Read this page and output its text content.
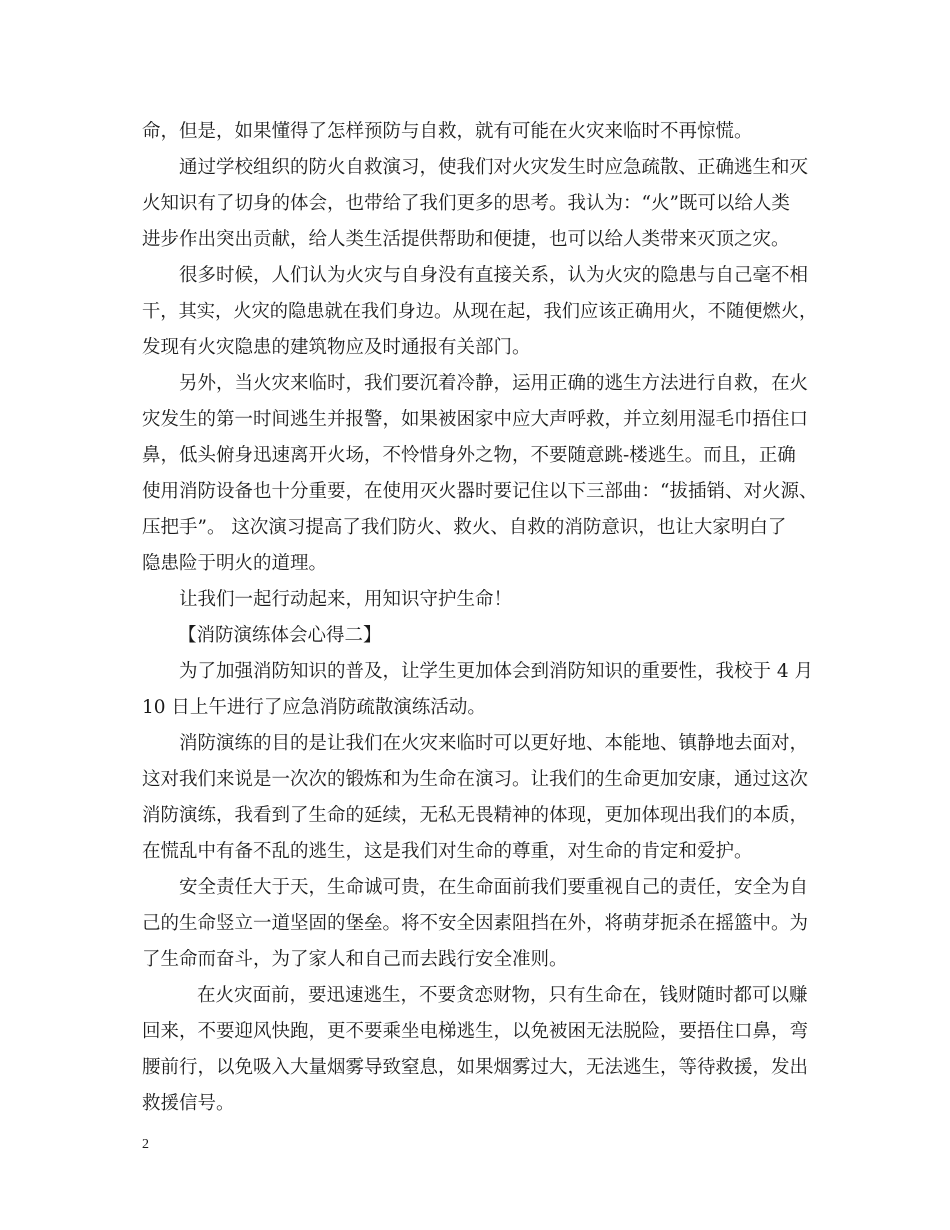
命，但是，如果懂得了怎样预防与自救，就有可能在火灾来临时不再惊慌。
通过学校组织的防火自救演习，使我们对火灾发生时应急疏散、正确逃生和灭
火知识有了切身的体会，也带给了我们更多的思考。我认为：“火”既可以给人类
进步作出突出贡献，给人类生活提供帮助和便捷，也可以给人类带来灭顶之灾。
很多时候，人们认为火灾与自身没有直接关系，认为火灾的隐患与自己毫不相
干，其实，火灾的隐患就在我们身边。从现在起，我们应该正确用火，不随便燃火，
发现有火灾隐患的建筑物应及时通报有关部门。
另外，当火灾来临时，我们要沉着冷静，运用正确的逃生方法进行自救，在火
灾发生的第一时间逃生并报警，如果被困家中应大声呼救，并立刻用湿毛巾捂住口
鼻，低头俯身迅速离开火场，不怜惜身外之物，不要随意跳-楼逃生。而且，正确
使用消防设备也十分重要，在使用灭火器时要记住以下三部曲：“拔插销、对火源、
压把手”。 这次演习提高了我们防火、救火、自救的消防意识，也让大家明白了
隐患险于明火的道理。
让我们一起行动起来，用知识守护生命！
【消防演练体会心得二】
为了加强消防知识的普及，让学生更加体会到消防知识的重要性，我校于 4 月
10 日上午进行了应急消防疏散演练活动。
消防演练的目的是让我们在火灾来临时可以更好地、本能地、镇静地去面对，
这对我们来说是一次次的锻炼和为生命在演习。让我们的生命更加安康，通过这次
消防演练，我看到了生命的延续，无私无畏精神的体现，更加体现出我们的本质，
在慌乱中有备不乱的逃生，这是我们对生命的尊重，对生命的肯定和爱护。
安全责任大于天，生命诚可贵，在生命面前我们要重视自己的责任，安全为自
己的生命竖立一道坚固的堡垒。将不安全因素阻挡在外，将萌芽扼杀在摇篮中。为
了生命而奋斗，为了家人和自己而去践行安全准则。
在火灾面前，要迅速逃生，不要贪恋财物，只有生命在，钱财随时都可以赚
回来，不要迎风快跑，更不要乘坐电梯逃生，以免被困无法脱险，要捂住口鼻，弯
腰前行，以免吸入大量烟雾导致窒息，如果烟雾过大，无法逃生，等待救援，发出
救援信号。
2
